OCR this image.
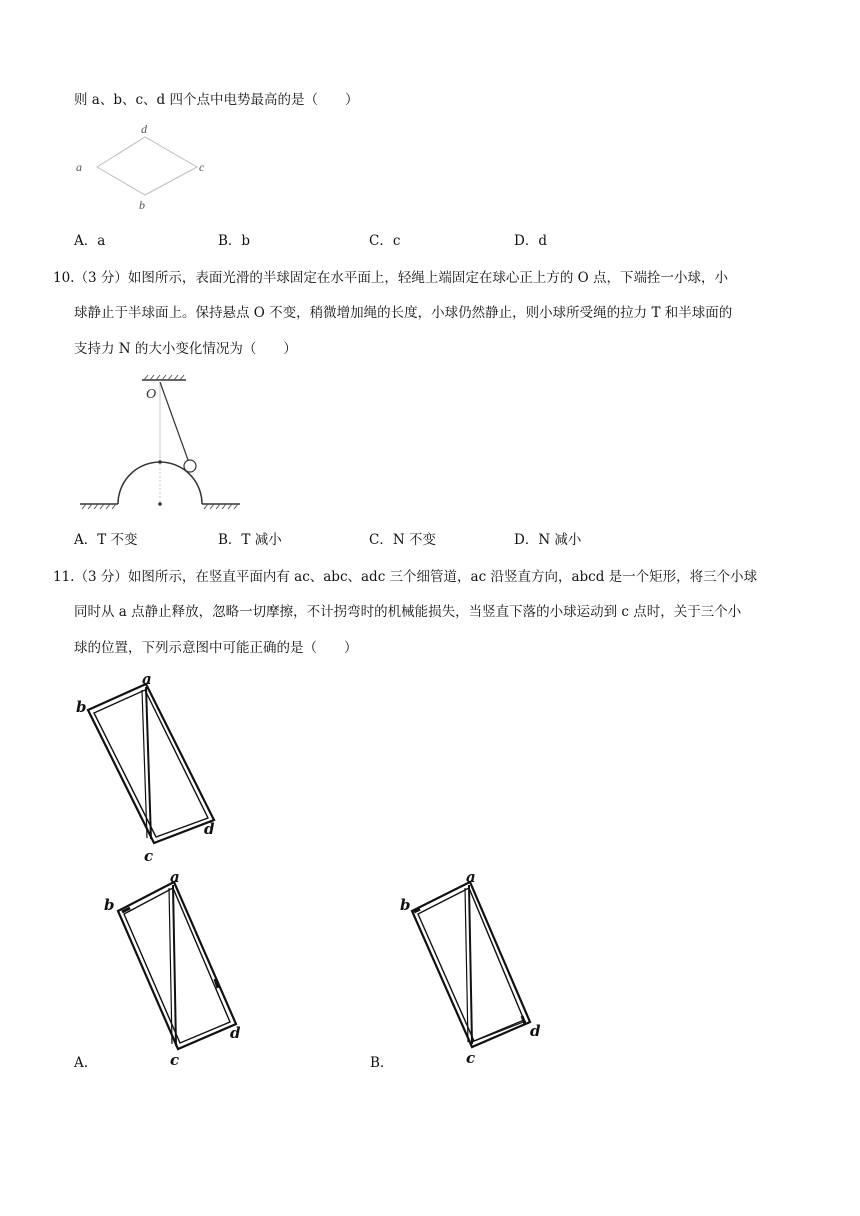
则 a、b、c、d 四个点中电势最高的是（　　）
d
a	c
b
A．a	B．b	C．c	D．d
10.（3 分）如图所示，表面光滑的半球固定在水平面上，轻绳上端固定在球心正上方的 O 点，下端拴一小球，小
球静止于半球面上。保持悬点 O 不变，稍微增加绳的长度，小球仍然静止，则小球所受绳的拉力 T 和半球面的
支持力 N 的大小变化情况为（　　）
O
A．T 不变	B．T 减小	C．N 不变	D．N 减小
11.（3 分）如图所示，在竖直平面内有 ac、abc、adc 三个细管道，ac 沿竖直方向，abcd 是一个矩形，将三个小球
同时从 a 点静止释放，忽略一切摩擦，不计拐弯时的机械能损失，当竖直下落的小球运动到 c 点时，关于三个小
球的位置，下列示意图中可能正确的是（　　）
a
b
d
c
a
b
d
c
A.
a
b
d
c
B.
